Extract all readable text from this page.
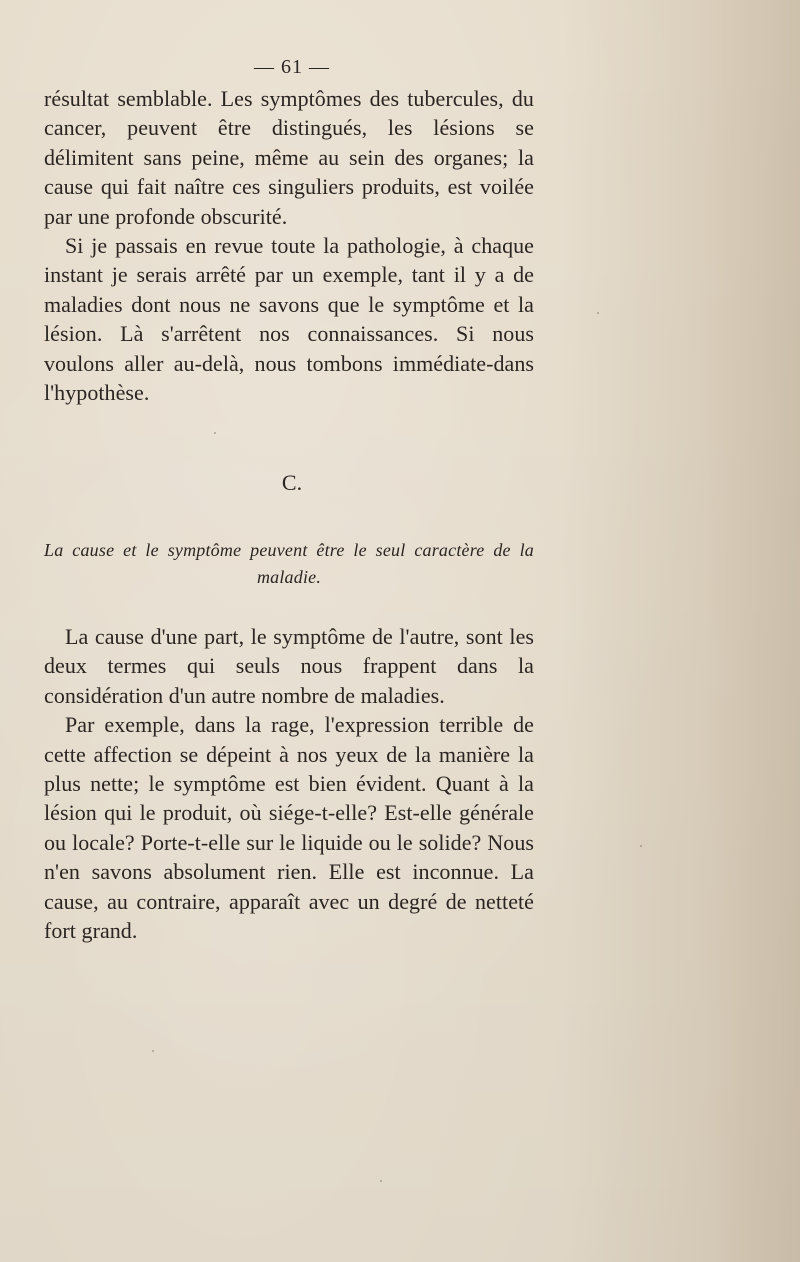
— 61 —

résultat semblable. Les symptômes des tubercules, du cancer, peuvent être distingués, les lésions se délimitent sans peine, même au sein des organes; la cause qui fait naître ces singuliers produits, est voilée par une profonde obscurité.

Si je passais en revue toute la pathologie, à chaque instant je serais arrêté par un exemple, tant il y a de maladies dont nous ne savons que le symptôme et la lésion. Là s'arrêtent nos connaissances. Si nous voulons aller au-delà, nous tombons immédiate-dans l'hypothèse.

C.
La cause et le symptôme peuvent être le seul caractère de la maladie.

La cause d'une part, le symptôme de l'autre, sont les deux termes qui seuls nous frappent dans la considération d'un autre nombre de maladies.

Par exemple, dans la rage, l'expression terrible de cette affection se dépeint à nos yeux de la manière la plus nette; le symptôme est bien évident. Quant à la lésion qui le produit, où siége-t-elle? Est-elle générale ou locale? Porte-t-elle sur le liquide ou le solide? Nous n'en savons absolument rien. Elle est inconnue. La cause, au contraire, apparaît avec un degré de netteté fort grand.
